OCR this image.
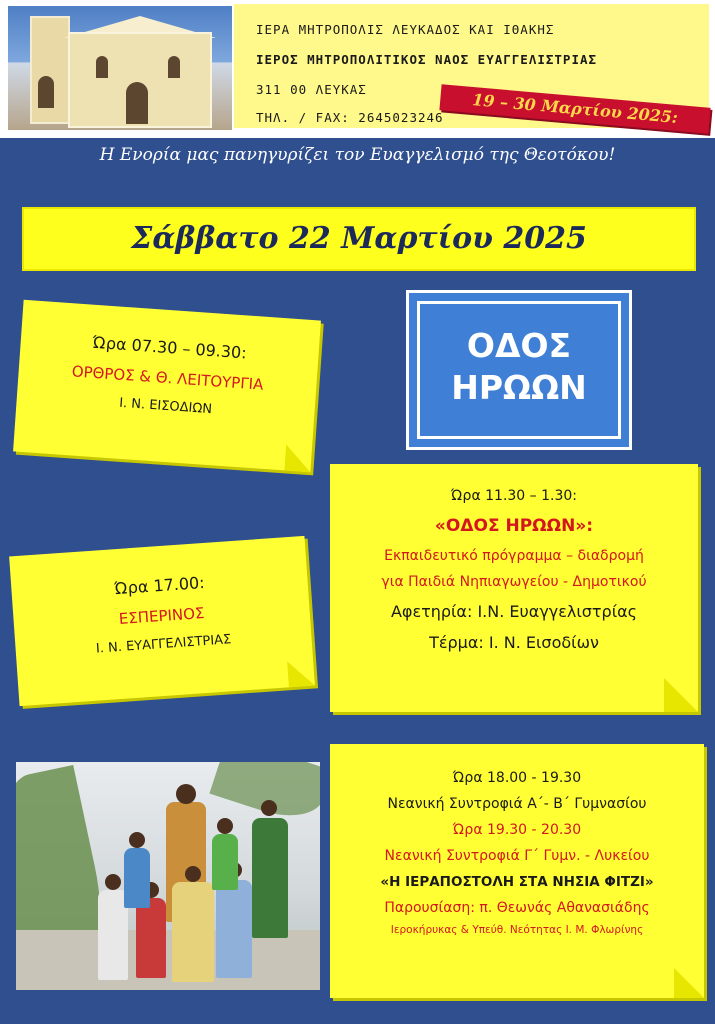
ΙΕΡΑ ΜΗΤΡΟΠΟΛΙΣ ΛΕΥΚΑΔΟΣ ΚΑΙ ΙΘΑΚΗΣ
ΙΕΡΟΣ ΜΗΤΡΟΠΟΛΙΤΙΚΟΣ ΝΑΟΣ ΕΥΑΓΓΕΛΙΣΤΡΙΑΣ
311 00 ΛΕΥΚΑΣ
ΤΗΛ. / FAX: 2645023246	19 – 30 Μαρτίου 2025:
Η Ενορία μας πανηγυρίζει τον Ευαγγελισμό της Θεοτόκου!
Σάββατο 22 Μαρτίου 2025
Ώρα 07.30 – 09.30:
ΟΡΘΡΟΣ & Θ. ΛΕΙΤΟΥΡΓΙΑ
Ι. Ν. ΕΙΣΟΔΙΩΝ
ΟΔΟΣ
ΗΡΩΩΝ
Ώρα 17.00:
ΕΣΠΕΡΙΝΟΣ
Ι. Ν. ΕΥΑΓΓΕΛΙΣΤΡΙΑΣ
Ώρα 11.30 – 1.30:
«ΟΔΟΣ ΗΡΩΩΝ»:
Εκπαιδευτικό πρόγραμμα – διαδρομή
για Παιδιά Νηπιαγωγείου - Δημοτικού
Αφετηρία: Ι.Ν. Ευαγγελιστρίας
Τέρμα: Ι. Ν. Εισοδίων
Ώρα 18.00 - 19.30
Νεανική Συντροφιά Α΄- Β΄ Γυμνασίου
Ώρα 19.30 - 20.30
Νεανική Συντροφιά Γ΄ Γυμν. - Λυκείου
«Η ΙΕΡΑΠΟΣΤΟΛΗ ΣΤΑ ΝΗΣΙΑ ΦΙΤΖΙ»
Παρουσίαση: π. Θεωνάς Αθανασιάδης
Ιεροκήρυκας & Υπεύθ. Νεότητας Ι. Μ. Φλωρίνης
